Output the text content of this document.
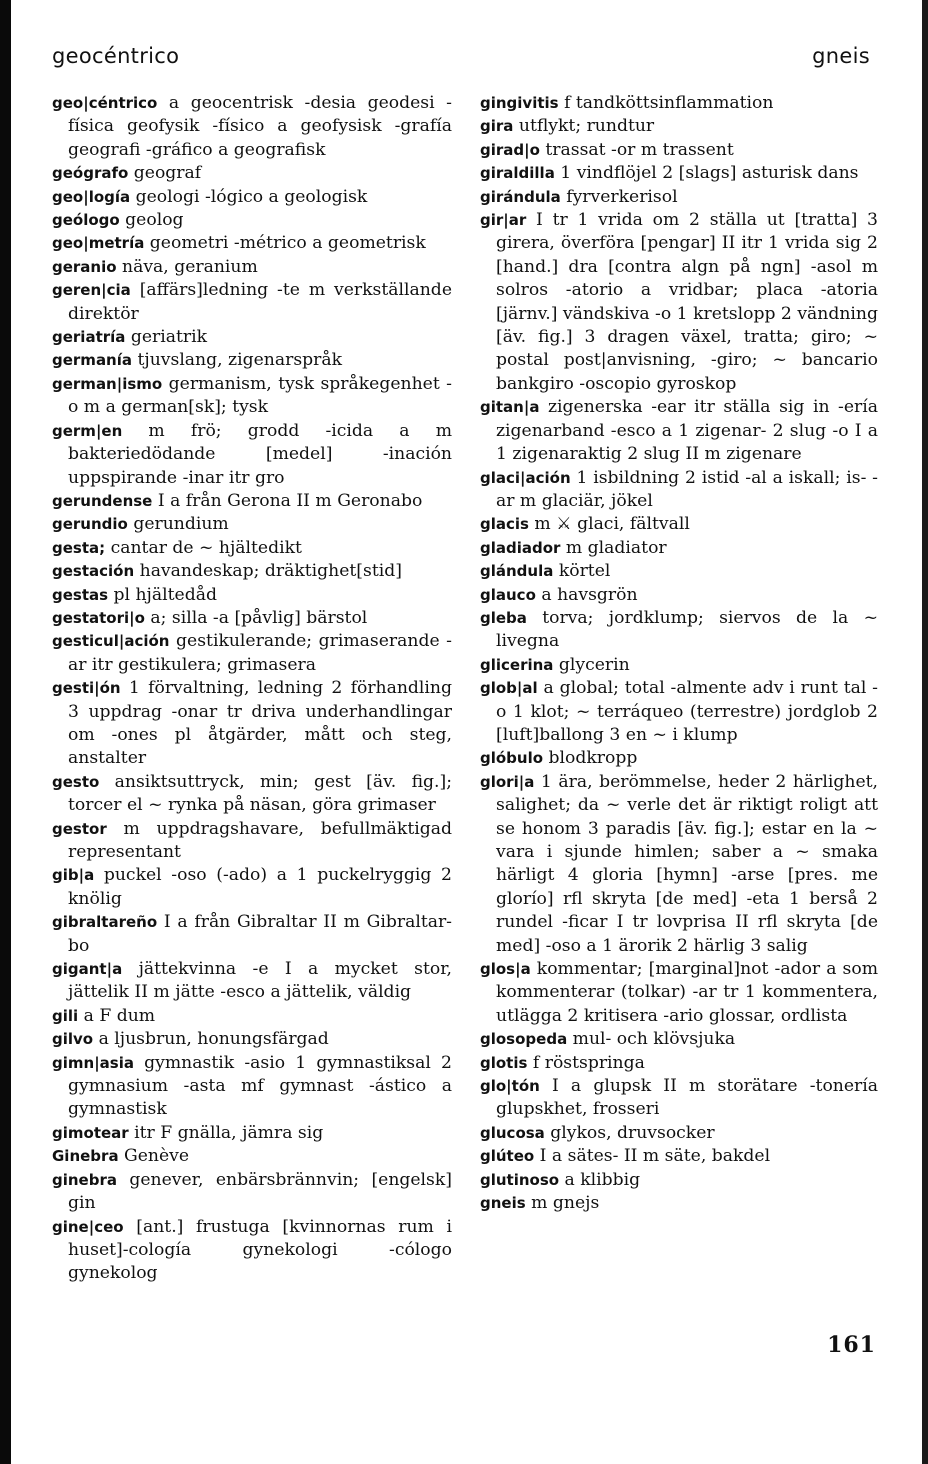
geocéntrico	gneis

geo|céntrico a geocentrisk -desia geodesi -física geofysik -físico a geofysisk -grafía geografi -gráfico a geografisk

geógrafo geograf

geo|logía geologi -lógico a geologisk

geólogo geolog

geo|metría geometri -métrico a geometrisk

geranio näva, geranium

geren|cia [affärs]ledning -te m verkställande direktör

geriatría geriatrik

germanía tjuvslang, zigenarspråk

german|ismo germanism, tysk språkegenhet -o m a german[sk]; tysk

germ|en m frö; grodd -icida a m bakteriedödande [medel] -inación uppspirande -inar itr gro

gerundense I a från Gerona II m Geronabo

gerundio gerundium

gesta; cantar de ~ hjältedikt

gestación havandeskap; dräktighet[stid]

gestas pl hjältedåd

gestatori|o a; silla -a [påvlig] bärstol

gesticul|ación gestikulerande; grimaserande -ar itr gestikulera; grimasera

gesti|ón 1 förvaltning, ledning 2 förhandling 3 uppdrag -onar tr driva underhandlingar om -ones pl åtgärder, mått och steg, anstalter

gesto ansiktsuttryck, min; gest [äv. fig.]; torcer el ~ rynka på näsan, göra grimaser

gestor m uppdragshavare, befullmäktigad representant

gib|a puckel -oso (-ado) a 1 puckelryggig 2 knölig

gibraltareño I a från Gibraltar II m Gibraltar-bo

gigant|a jättekvinna -e I a mycket stor, jättelik II m jätte -esco a jättelik, väldig

gili a F dum

gilvo a ljusbrun, honungsfärgad

gimn|asia gymnastik -asio 1 gymnastiksal 2 gymnasium -asta mf gymnast -ástico a gymnastisk

gimotear itr F gnälla, jämra sig

Ginebra Genève

ginebra genever, enbärsbrännvin; [engelsk] gin

gine|ceo [ant.] frustuga [kvinnornas rum i huset]-cología gynekologi -cólogo gynekolog

gingivitis f tandköttsinflammation

gira utflykt; rundtur

girad|o trassat -or m trassent

giraldilla 1 vindflöjel 2 [slags] asturisk dans

girándula fyrverkerisol

gir|ar I tr 1 vrida om 2 ställa ut [tratta] 3 girera, överföra [pengar] II itr 1 vrida sig 2 [hand.] dra [contra algn på ngn] -asol m solros -atorio a vridbar; placa -atoria [järnv.] vändskiva -o 1 kretslopp 2 vändning [äv. fig.] 3 dragen växel, tratta; giro; ~ postal post|anvisning, -giro; ~ bancario bankgiro -oscopio gyroskop

gitan|a zigenerska -ear itr ställa sig in -ería zigenarband -esco a 1 zigenar- 2 slug -o I a 1 zigenaraktig 2 slug II m zigenare

glaci|ación 1 isbildning 2 istid -al a iskall; is- -ar m glaciär, jökel

glacis m ⚔ glaci, fältvall

gladiador m gladiator

glándula körtel

glauco a havsgrön

gleba torva; jordklump; siervos de la ~ livegna

glicerina glycerin

glob|al a global; total -almente adv i runt tal -o 1 klot; ~ terráqueo (terrestre) jordglob 2 [luft]ballong 3 en ~ i klump

glóbulo blodkropp

glori|a 1 ära, berömmelse, heder 2 härlighet, salighet; da ~ verle det är riktigt roligt att se honom 3 paradis [äv. fig.]; estar en la ~ vara i sjunde himlen; saber a ~ smaka härligt 4 gloria [hymn] -arse [pres. me glorío] rfl skryta [de med] -eta 1 berså 2 rundel -ficar I tr lovprisa II rfl skryta [de med] -oso a 1 ärorik 2 härlig 3 salig

glos|a kommentar; [marginal]not -ador a som kommenterar (tolkar) -ar tr 1 kommentera, utlägga 2 kritisera -ario glossar, ordlista

glosopeda mul- och klövsjuka

glotis f röstspringa

glo|tón I a glupsk II m storätare -tonería glupskhet, frosseri

glucosa glykos, druvsocker

glúteo I a sätes- II m säte, bakdel

glutinoso a klibbig

gneis m gnejs

161
